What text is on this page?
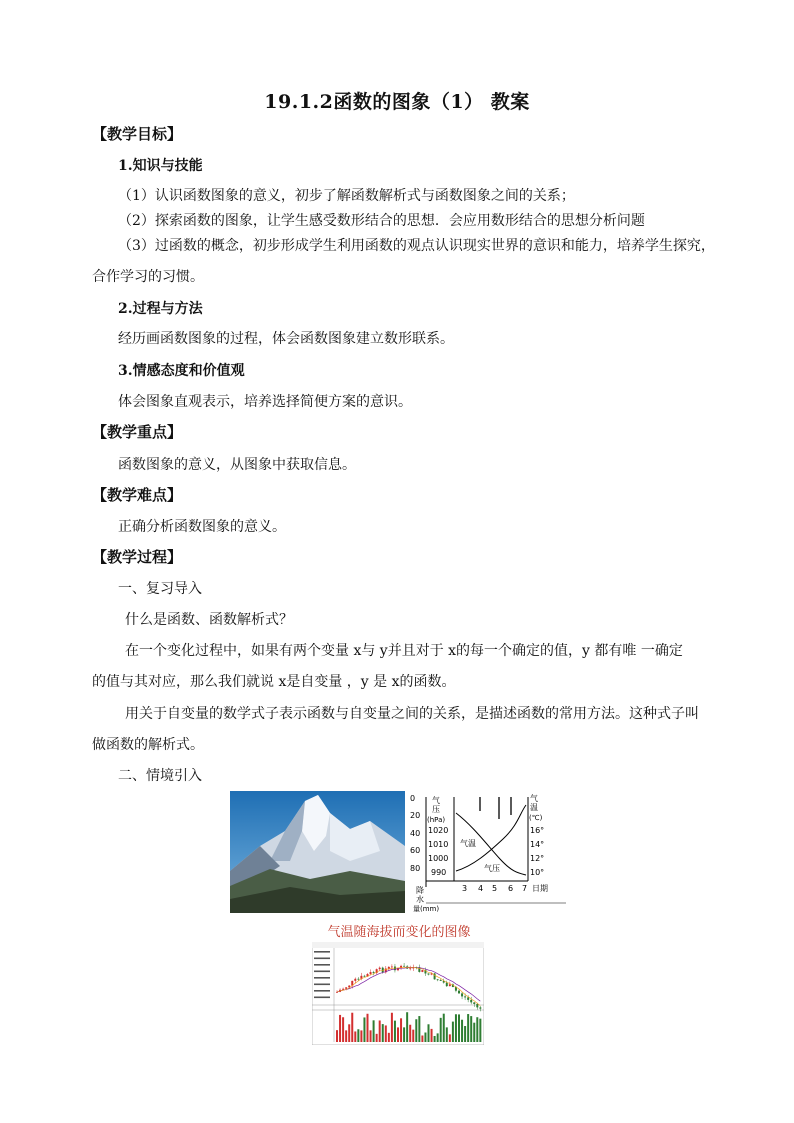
19.1.2函数的图象（1） 教案
【教学目标】
1.知识与技能
（1）认识函数图象的意义，初步了解函数解析式与函数图象之间的关系；
（2）探索函数的图象，让学生感受数形结合的思想．会应用数形结合的思想分析问题
（3）过函数的概念，初步形成学生利用函数的观点认识现实世界的意识和能力，培养学生探究，
合作学习的习惯。
2.过程与方法
经历画函数图象的过程，体会函数图象建立数形联系。
3.情感态度和价值观
体会图象直观表示，培养选择简便方案的意识。
【教学重点】
函数图象的意义，从图象中获取信息。
【教学难点】
正确分析函数图象的意义。
【教学过程】
一、复习导入
什么是函数、函数解析式？
在一个变化过程中，如果有两个变量 x与 y并且对于 x的每一个确定的值，y 都有唯 一确定
的值与其对应，那么我们就说 x是自变量 ，y 是 x的函数。
用关于自变量的数学式子表示函数与自变量之间的关系，是描述函数的常用方法。这种式子叫
做函数的解析式。
二、情境引入
0
20
40
60
80
降
水
量(mm)
气
压
(hPa)
1020
1010
1000
990
气温
气压
气
温
(℃)
16°
14°
12°
10°
3 4 5 6 7 日期
气温随海拔而变化的图像
